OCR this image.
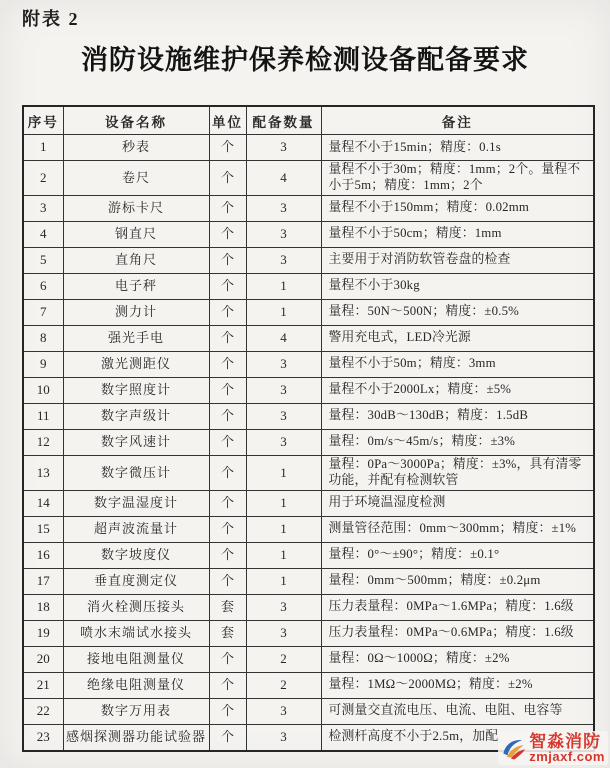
附表 2
消防设施维护保养检测设备配备要求
序号	设备名称	单位	配备数量	备注
1	秒表	个	3	量程不小于15min；精度：0.1s
2	卷尺	个	4	量程不小于30m；精度：1mm；2个。量程不小于5m；精度：1mm；2个
3	游标卡尺	个	3	量程不小于150mm；精度：0.02mm
4	钢直尺	个	3	量程不小于50cm；精度：1mm
5	直角尺	个	3	主要用于对消防软管卷盘的检查
6	电子秤	个	1	量程不小于30kg
7	测力计	个	1	量程：50N～500N；精度：±0.5%
8	强光手电	个	4	警用充电式，LED冷光源
9	激光测距仪	个	3	量程不小于50m；精度：3mm
10	数字照度计	个	3	量程不小于2000Lx；精度：±5%
11	数字声级计	个	3	量程：30dB～130dB；精度：1.5dB
12	数字风速计	个	3	量程：0m/s～45m/s；精度：±3%
13	数字微压计	个	1	量程：0Pa～3000Pa；精度：±3%，具有清零功能，并配有检测软管
14	数字温湿度计	个	1	用于环境温湿度检测
15	超声波流量计	个	1	测量管径范围：0mm～300mm；精度：±1%
16	数字坡度仪	个	1	量程：0°～±90°；精度：±0.1°
17	垂直度测定仪	个	1	量程：0mm～500mm；精度：±0.2μm
18	消火栓测压接头	套	3	压力表量程：0MPa～1.6MPa；精度：1.6级
19	喷水末端试水接头	套	3	压力表量程：0MPa～0.6MPa；精度：1.6级
20	接地电阻测量仪	个	2	量程：0Ω～1000Ω；精度：±2%
21	绝缘电阻测量仪	个	2	量程：1MΩ～2000MΩ；精度：±2%
22	数字万用表	个	3	可测量交直流电压、电流、电阻、电容等
23	感烟探测器功能试验器	个	3	检测杆高度不小于2.5m，加配 智淼消防
zmjaxf.com
